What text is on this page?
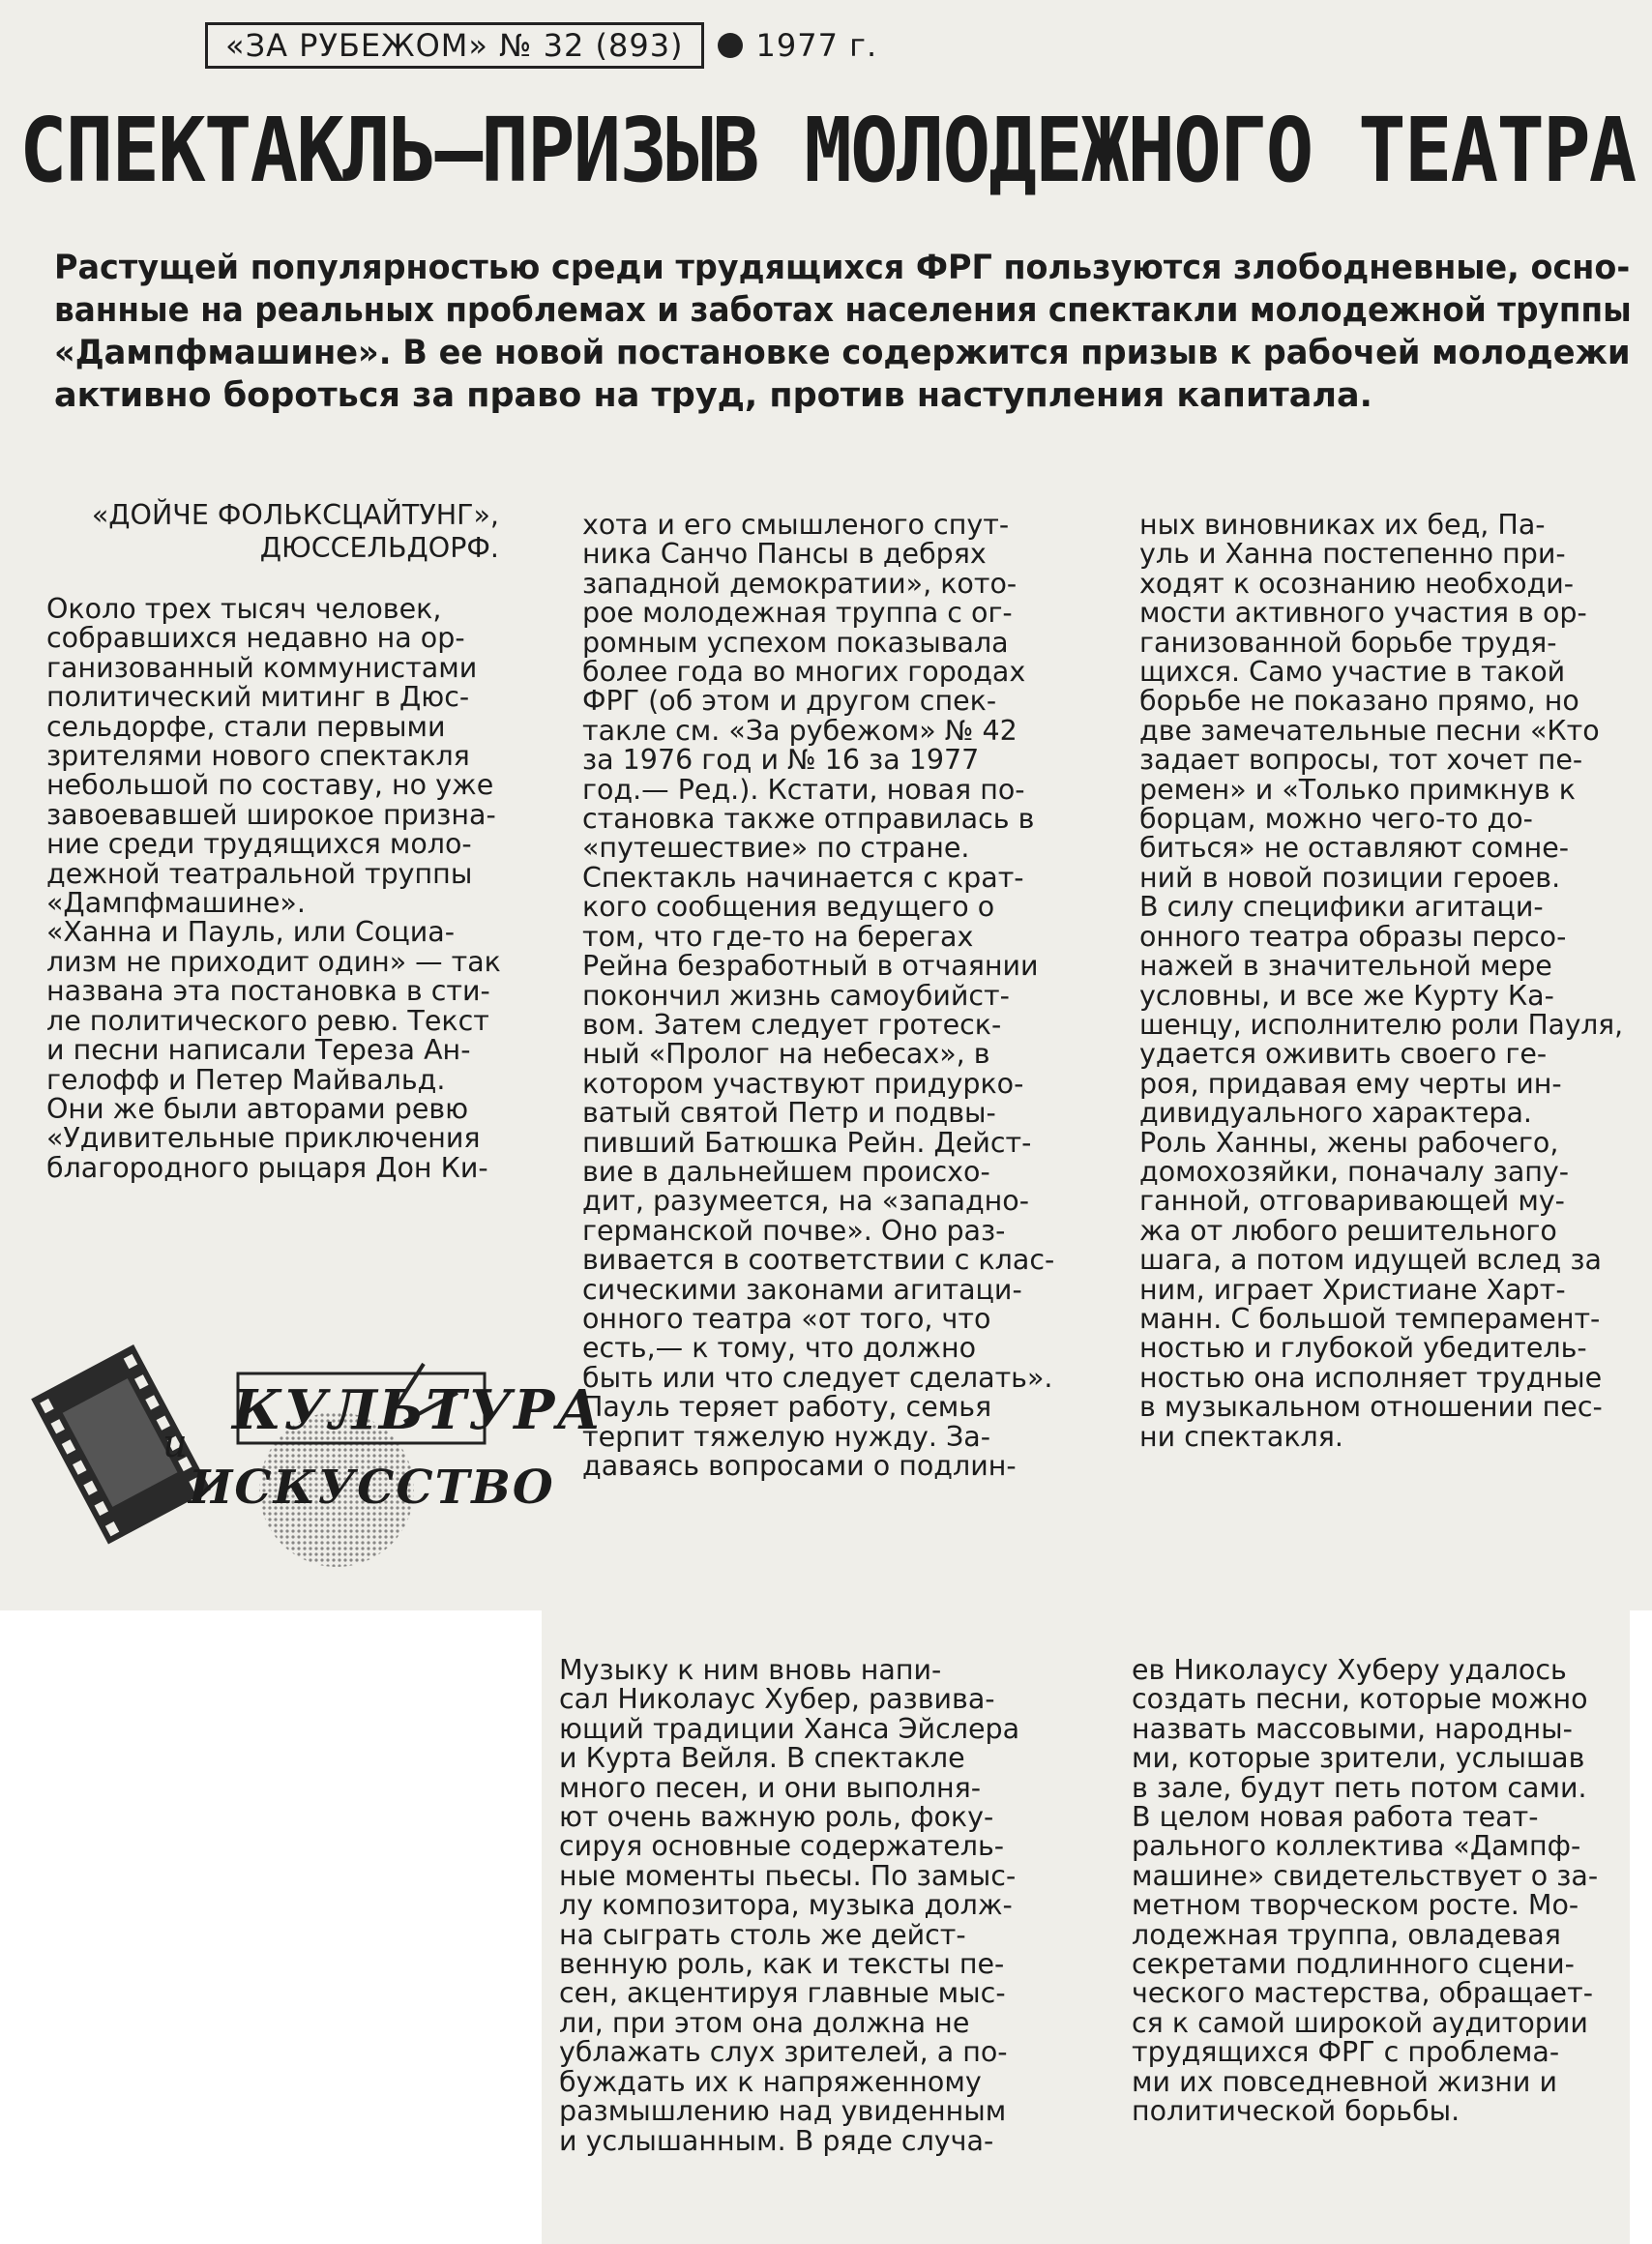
«ЗА РУБЕЖОМ» № 32 (893) 1977 г.
СПЕКТАКЛЬ—ПРИЗЫВ МОЛОДЕЖНОГО ТЕАТРА
Растущей популярностью среди трудящихся ФРГ пользуются злободневные, осно-
ванные на реальных проблемах и заботах населения спектакли молодежной труппы
«Дампфмашине». В ее новой постановке содержится призыв к рабочей молодежи
активно бороться за право на труд, против наступления капитала.
«ДОЙЧЕ ФОЛЬКСЦАЙТУНГ»,
ДЮССЕЛЬДОРФ.
Около трех тысяч человек,
собравшихся недавно на ор-
ганизованный коммунистами
политический митинг в Дюс-
сельдорфе, стали первыми
зрителями нового спектакля
небольшой по составу, но уже
завоевавшей широкое призна-
ние среди трудящихся моло-
дежной театральной труппы
«Дампфмашине».
«Ханна и Пауль, или Социа-
лизм не приходит один» — так
названа эта постановка в сти-
ле политического ревю. Текст
и песни написали Тереза Ан-
гелофф и Петер Майвальд.
Они же были авторами ревю
«Удивительные приключения
благородного рыцаря Дон Ки-
хота и его смышленого спут-
ника Санчо Пансы в дебрях
западной демократии», кото-
рое молодежная труппа с ог-
ромным успехом показывала
более года во многих городах
ФРГ (об этом и другом спек-
такле см. «За рубежом» № 42
за 1976 год и № 16 за 1977
год.— Ред.). Кстати, новая по-
становка также отправилась в
«путешествие» по стране.
Спектакль начинается с крат-
кого сообщения ведущего о
том, что где-то на берегах
Рейна безработный в отчаянии
покончил жизнь самоубийст-
вом. Затем следует гротеск-
ный «Пролог на небесах», в
котором участвуют придурко-
ватый святой Петр и подвы-
пивший Батюшка Рейн. Дейст-
вие в дальнейшем происхо-
дит, разумеется, на «западно-
германской почве». Оно раз-
вивается в соответствии с клас-
сическими законами агитаци-
онного театра «от того, что
есть,— к тому, что должно
быть или что следует сделать».
Пауль теряет работу, семья
терпит тяжелую нужду. За-
даваясь вопросами о подлин-
ных виновниках их бед, Па-
уль и Ханна постепенно при-
ходят к осознанию необходи-
мости активного участия в ор-
ганизованной борьбе трудя-
щихся. Само участие в такой
борьбе не показано прямо, но
две замечательные песни «Кто
задает вопросы, тот хочет пе-
ремен» и «Только примкнув к
борцам, можно чего-то до-
биться» не оставляют сомне-
ний в новой позиции героев.
В силу специфики агитаци-
онного театра образы персо-
нажей в значительной мере
условны, и все же Курту Ка-
шенцу, исполнителю роли Пауля,
удается оживить своего ге-
роя, придавая ему черты ин-
дивидуального характера.
Роль Ханны, жены рабочего,
домохозяйки, поначалу запу-
ганной, отговаривающей му-
жа от любого решительного
шага, а потом идущей вслед за
ним, играет Христиане Харт-
манн. С большой темперамент-
ностью и глубокой убедитель-
ностью она исполняет трудные
в музыкальном отношении пес-
ни спектакля.
Музыку к ним вновь напи-
сал Николаус Хубер, развива-
ющий традиции Ханса Эйслера
и Курта Вейля. В спектакле
много песен, и они выполня-
ют очень важную роль, фоку-
сируя основные содержатель-
ные моменты пьесы. По замыс-
лу композитора, музыка долж-
на сыграть столь же дейст-
венную роль, как и тексты пе-
сен, акцентируя главные мыс-
ли, при этом она должна не
ублажать слух зрителей, а по-
буждать их к напряженному
размышлению над увиденным
и услышанным. В ряде случа-
ев Николаусу Хуберу удалось
создать песни, которые можно
назвать массовыми, народны-
ми, которые зрители, услышав
в зале, будут петь потом сами.
В целом новая работа теат-
рального коллектива «Дампф-
машине» свидетельствует о за-
метном творческом росте. Мо-
лодежная труппа, овладевая
секретами подлинного сцени-
ческого мастерства, обращает-
ся к самой широкой аудитории
трудящихся ФРГ с проблема-
ми их повседневной жизни и
политической борьбы.
КУЛЬТУРА
и
ИСКУССТВО
